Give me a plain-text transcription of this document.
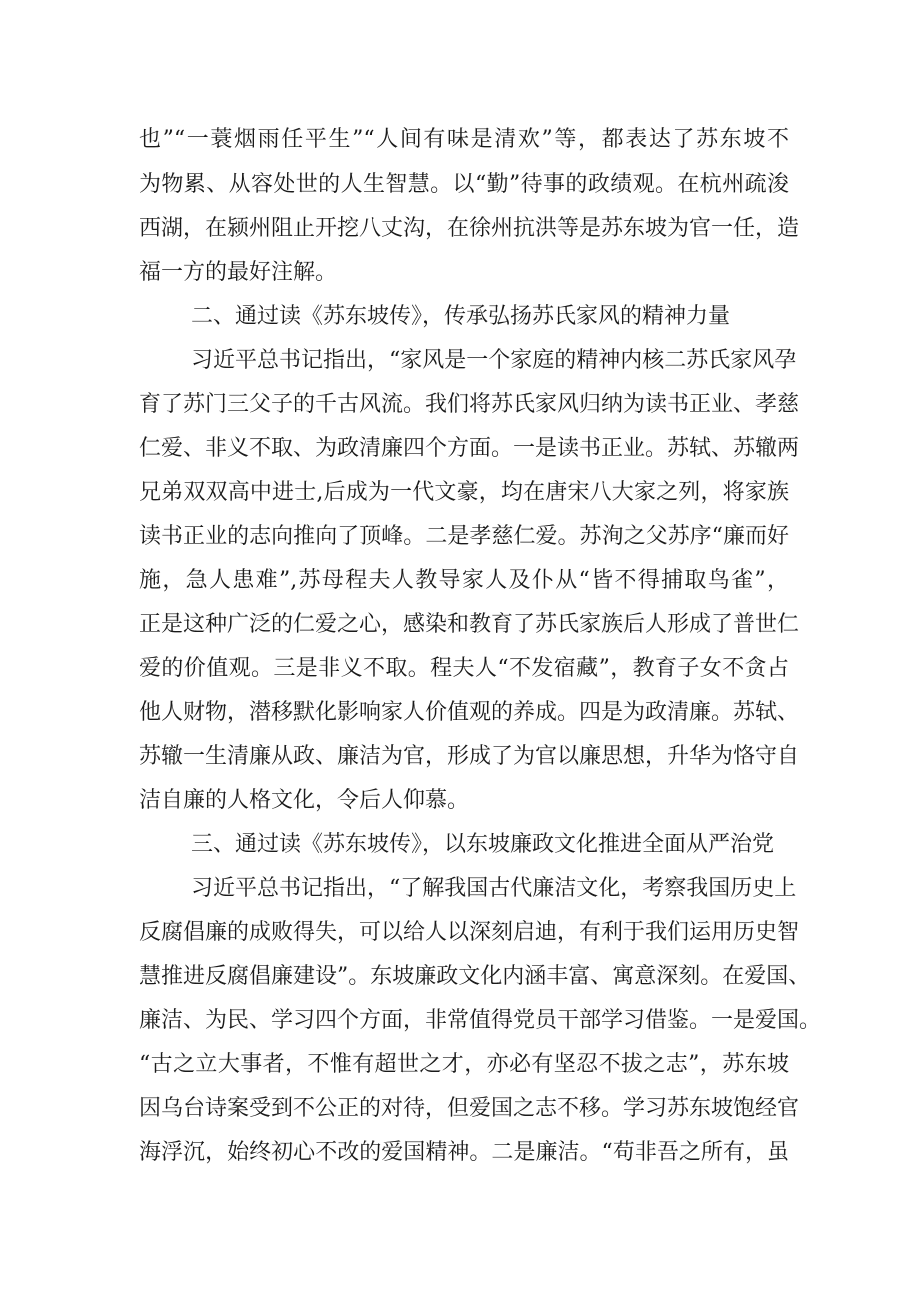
也”“一蓑烟雨任平生”“人间有味是清欢”等，都表达了苏东坡不
为物累、从容处世的人生智慧。以“勤”待事的政绩观。在杭州疏浚
西湖，在颍州阻止开挖八丈沟，在徐州抗洪等是苏东坡为官一任，造
福一方的最好注解。
二、通过读《苏东坡传》，传承弘扬苏氏家风的精神力量
习近平总书记指出，“家风是一个家庭的精神内核二苏氏家风孕
育了苏门三父子的千古风流。我们将苏氏家风归纳为读书正业、孝慈
仁爱、非义不取、为政清廉四个方面。一是读书正业。苏轼、苏辙两
兄弟双双高中进士,后成为一代文豪，均在唐宋八大家之列，将家族
读书正业的志向推向了顶峰。二是孝慈仁爱。苏洵之父苏序“廉而好
施，急人患难”,苏母程夫人教导家人及仆从“皆不得捕取鸟雀”，
正是这种广泛的仁爱之心，感染和教育了苏氏家族后人形成了普世仁
爱的价值观。三是非义不取。程夫人“不发宿藏”，教育子女不贪占
他人财物，潜移默化影响家人价值观的养成。四是为政清廉。苏轼、
苏辙一生清廉从政、廉洁为官，形成了为官以廉思想，升华为恪守自
洁自廉的人格文化，令后人仰慕。
三、通过读《苏东坡传》，以东坡廉政文化推进全面从严治党
习近平总书记指出，“了解我国古代廉洁文化，考察我国历史上
反腐倡廉的成败得失，可以给人以深刻启迪，有利于我们运用历史智
慧推进反腐倡廉建设”。东坡廉政文化内涵丰富、寓意深刻。在爱国、
廉洁、为民、学习四个方面，非常值得党员干部学习借鉴。一是爱国。
“古之立大事者，不惟有超世之才，亦必有坚忍不拔之志”，苏东坡
因乌台诗案受到不公正的对待，但爱国之志不移。学习苏东坡饱经官
海浮沉，始终初心不改的爱国精神。二是廉洁。“苟非吾之所有，虽
